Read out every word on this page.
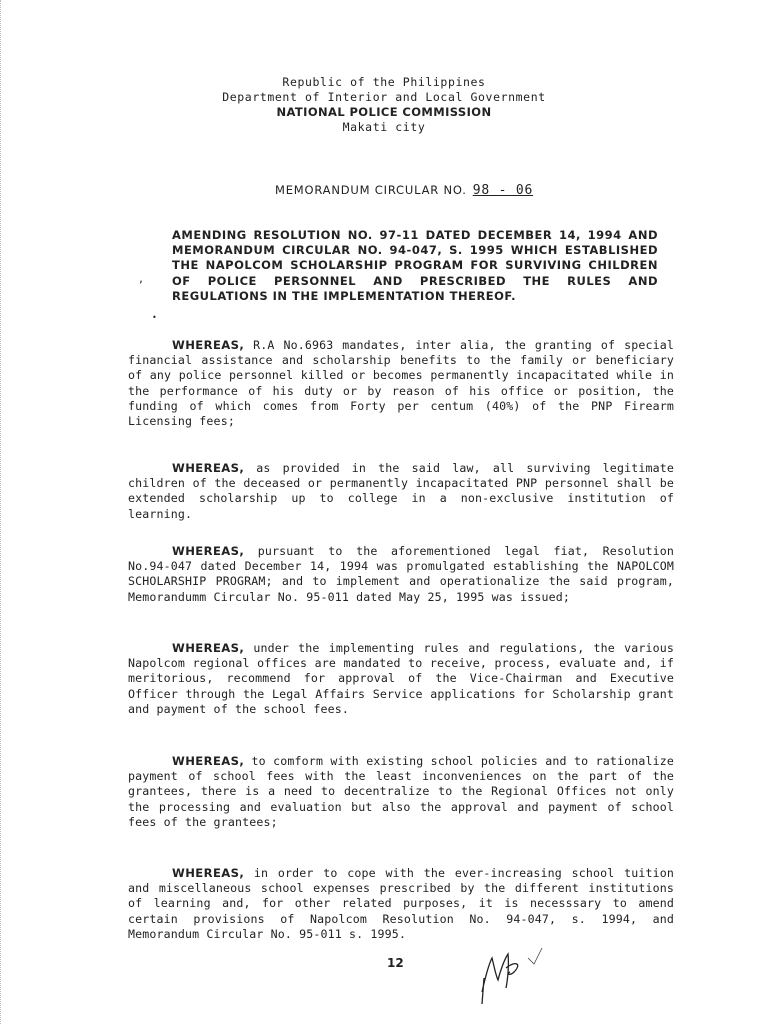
Republic of the Philippines
Department of Interior and Local Government
NATIONAL POLICE COMMISSION
Makati city
MEMORANDUM CIRCULAR NO. 98 - 06
AMENDING RESOLUTION NO. 97-11 DATED DECEMBER 14, 1994 AND MEMORANDUM CIRCULAR NO. 94-047, S. 1995 WHICH ESTABLISHED THE NAPOLCOM SCHOLARSHIP PROGRAM FOR SURVIVING CHILDREN OF POLICE PERSONNEL AND PRESCRIBED THE RULES AND REGULATIONS IN THE IMPLEMENTATION THEREOF.
,
•
WHEREAS, R.A No.6963 mandates, inter alia, the granting of special financial assistance and scholarship benefits to the family or beneficiary of any police personnel killed or becomes permanently incapacitated while in the performance of his duty or by reason of his office or position, the funding of which comes from Forty per centum (40%) of the PNP Firearm Licensing fees;
WHEREAS, as provided in the said law, all surviving legitimate children of the deceased or permanently incapacitated PNP personnel shall be extended scholarship up to college in a non-exclusive institution of learning.
WHEREAS, pursuant to the aforementioned legal fiat, Resolution No.94-047 dated December 14, 1994 was promulgated establishing the NAPOLCOM SCHOLARSHIP PROGRAM; and to implement and operationalize the said program, Memorandumm Circular No. 95-011 dated May 25, 1995 was issued;
WHEREAS, under the implementing rules and regulations, the various Napolcom regional offices are mandated to receive, process, evaluate and, if meritorious, recommend for approval of the Vice-Chairman and Executive Officer through the Legal Affairs Service applications for Scholarship grant and payment of the school fees.
WHEREAS, to comform with existing school policies and to rationalize payment of school fees with the least inconveniences on the part of the grantees, there is a need to decentralize to the Regional Offices not only the processing and evaluation but also the approval and payment of school fees of the grantees;
WHEREAS, in order to cope with the ever-increasing school tuition and miscellaneous school expenses prescribed by the different institutions of learning and, for other related purposes, it is necesssary to amend certain provisions of Napolcom Resolution No. 94-047, s. 1994, and Memorandum Circular No. 95-011 s. 1995.
12
